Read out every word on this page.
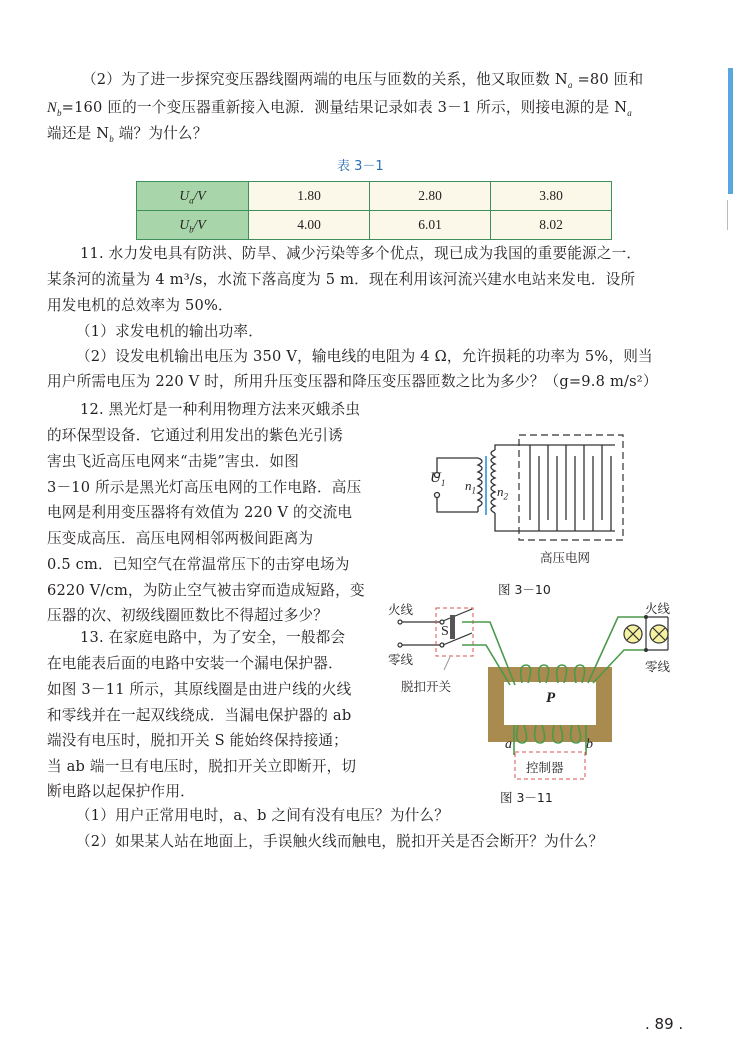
（2）为了进一步探究变压器线圈两端的电压与匝数的关系，他又取匝数 $N_a =80$ 匝和
$N_b=160$ 匝的一个变压器重新接入电源．测量结果记录如表 3－1 所示，则接电源的是 $N_a$
端还是 $N_b$ 端？为什么？
表 3－1
$U_a/V$	1.80	2.80	3.80
$U_b/V$	4.00	6.01	8.02
11. 水力发电具有防洪、防旱、减少污染等多个优点，现已成为我国的重要能源之一．
某条河的流量为 4 m³/s，水流下落高度为 5 m．现在利用该河流兴建水电站来发电．设所
用发电机的总效率为 50%．
（1）求发电机的输出功率．
（2）设发电机输出电压为 350 V，输电线的电阻为 4 Ω，允许损耗的功率为 5%，则当
用户所需电压为 220 V 时，所用升压变压器和降压变压器匝数之比为多少？（g=9.8 m/s²）
12. 黑光灯是一种利用物理方法来灭蛾杀虫
的环保型设备．它通过利用发出的紫色光引诱
害虫飞近高压电网来“击毙”害虫．如图
3－10 所示是黑光灯高压电网的工作电路．高压
电网是利用变压器将有效值为 220 V 的交流电
压变成高压．高压电网相邻两极间距离为
0.5 cm．已知空气在常温常压下的击穿电场为
6220 V/cm，为防止空气被击穿而造成短路，变
压器的次、初级线圈匝数比不得超过多少？
$U_1$ $n_1$ $n_2$
高压电网
图 3－10
13. 在家庭电路中，为了安全，一般都会
在电能表后面的电路中安装一个漏电保护器．
如图 3－11 所示，其原线圈是由进户线的火线
和零线并在一起双线绕成．当漏电保护器的 ab
端没有电压时，脱扣开关 S 能始终保持接通；
当 ab 端一旦有电压时，脱扣开关立即断开，切
断电路以起保护作用．
（1）用户正常用电时，a、b 之间有没有电压？为什么？
（2）如果某人站在地面上，手误触火线而触电，脱扣开关是否会断开？为什么？
火线
零线
S
脱扣开关
火线
零线
P
a	b
控制器
图 3－11
. 89 .
